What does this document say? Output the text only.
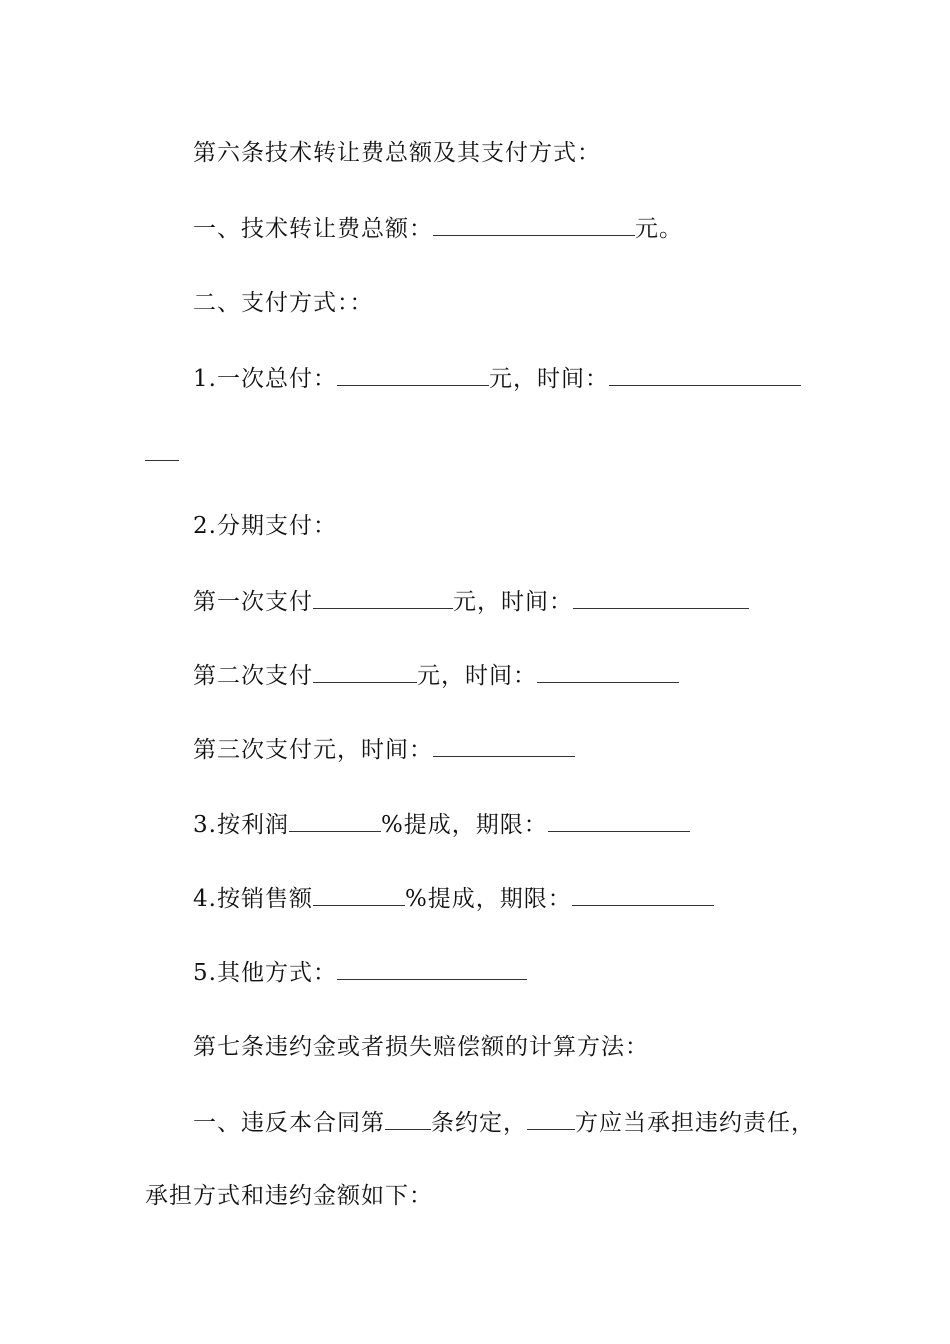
第六条技术转让费总额及其支付方式：
一、技术转让费总额：	元。
二、支付方式：：
1.一次总付：	元，时间：
2.分期支付：
第一次支付	元，时间：
第二次支付	元，时间：
第三次支付元，时间：
3.按利润	%提成，期限：
4.按销售额	%提成，期限：
5.其他方式：
第七条违约金或者损失赔偿额的计算方法：
一、违反本合同第 条约定， 方应当承担违约责任，
承担方式和违约金额如下：
